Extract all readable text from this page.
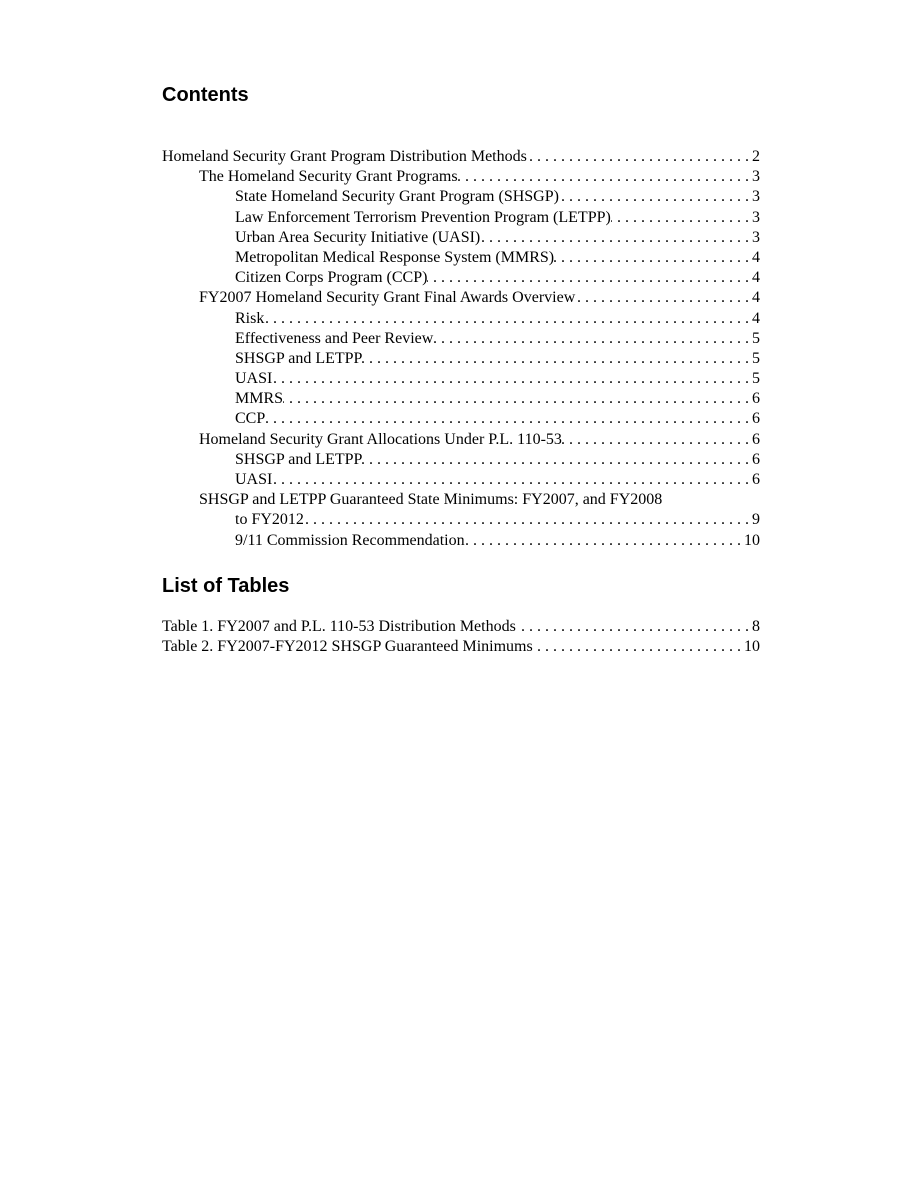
Contents
Homeland Security Grant Program Distribution Methods . . .	2
The Homeland Security Grant Programs . . .	3
State Homeland Security Grant Program (SHSGP) . . .	3
Law Enforcement Terrorism Prevention Program (LETPP) . . .	3
Urban Area Security Initiative (UASI) . . .	3
Metropolitan Medical Response System (MMRS) . . .	4
Citizen Corps Program (CCP) . . .	4
FY2007 Homeland Security Grant Final Awards Overview . . .	4
Risk . . .	4
Effectiveness and Peer Review . . .	5
SHSGP and LETPP . . .	5
UASI . . .	5
MMRS . . .	6
CCP . . .	6
Homeland Security Grant Allocations Under P.L. 110-53 . . .	6
SHSGP and LETPP . . .	6
UASI . . .	6
SHSGP and LETPP Guaranteed State Minimums: FY2007, and FY2008
to FY2012 . . .	9
9/11 Commission Recommendation . . .	10
List of Tables
Table 1. FY2007 and P.L. 110-53 Distribution Methods . . .	8
Table 2. FY2007-FY2012 SHSGP Guaranteed Minimums . . .	10
